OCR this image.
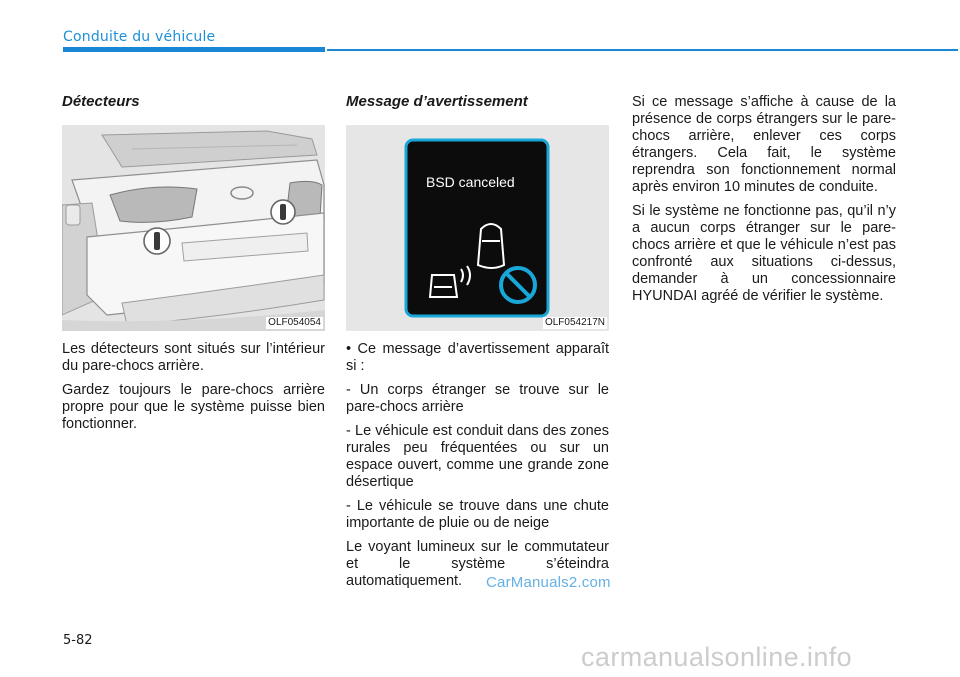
Conduite du véhicule
Détecteurs
OLF054054

Les détecteurs sont situés sur l’intérieur du pare-chocs arrière.

Gardez toujours le pare-chocs arrière propre pour que le système puisse bien fonctionner.

Message d’avertissement
BSD canceled
OLF054217N

• Ce message d’avertissement apparaît si :

- Un corps étranger se trouve sur le pare-chocs arrière

- Le véhicule est conduit dans des zones rurales peu fréquentées ou sur un espace ouvert, comme une grande zone désertique

- Le véhicule se trouve dans une chute importante de pluie ou de neige

Le voyant lumineux sur le commutateur et le système s’éteindra automatiquement.

Si ce message s’affiche à cause de la présence de corps étrangers sur le pare-chocs arrière, enlever ces corps étrangers. Cela fait, le système reprendra son fonctionnement normal après environ 10 minutes de conduite.

Si le système ne fonctionne pas, qu’il n’y a aucun corps étranger sur le pare-chocs arrière et que le véhicule n’est pas confronté aux situations ci-dessus, demander à un concessionnaire HYUNDAI agréé de vérifier le système.

5-82
CarManuals2.com
carmanualsonline.info
